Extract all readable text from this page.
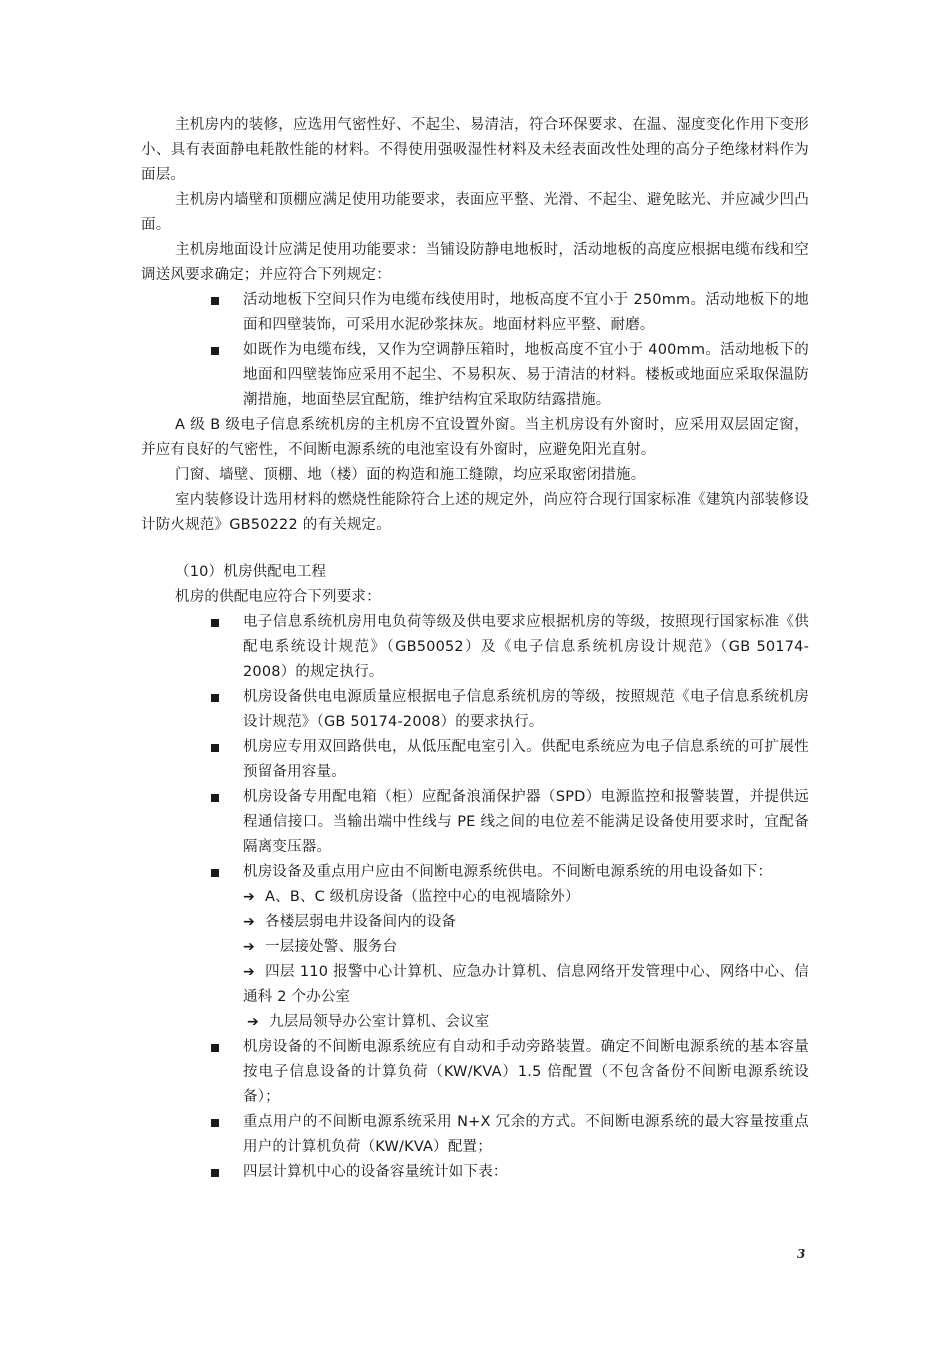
主机房内的装修，应选用气密性好、不起尘、易清洁，符合环保要求、在温、湿度变化作用下变形小、具有表面静电耗散性能的材料。不得使用强吸湿性材料及未经表面改性处理的高分子绝缘材料作为面层。

主机房内墙壁和顶棚应满足使用功能要求，表面应平整、光滑、不起尘、避免眩光、并应减少凹凸面。

主机房地面设计应满足使用功能要求：当铺设防静电地板时，活动地板的高度应根据电缆布线和空调送风要求确定；并应符合下列规定：

活动地板下空间只作为电缆布线使用时，地板高度不宜小于 250mm。活动地板下的地面和四壁装饰，可采用水泥砂浆抹灰。地面材料应平整、耐磨。
如既作为电缆布线，又作为空调静压箱时，地板高度不宜小于 400mm。活动地板下的地面和四壁装饰应采用不起尘、不易积灰、易于清洁的材料。楼板或地面应采取保温防潮措施，地面垫层宜配筋，维护结构宜采取防结露措施。

A 级 B 级电子信息系统机房的主机房不宜设置外窗。当主机房设有外窗时，应采用双层固定窗，并应有良好的气密性，不间断电源系统的电池室设有外窗时，应避免阳光直射。

门窗、墙壁、顶棚、地（楼）面的构造和施工缝隙，均应采取密闭措施。

室内装修设计选用材料的燃烧性能除符合上述的规定外，尚应符合现行国家标准《建筑内部装修设计防火规范》GB50222 的有关规定。

（10）机房供配电工程

机房的供配电应符合下列要求：

电子信息系统机房用电负荷等级及供电要求应根据机房的等级，按照现行国家标准《供配电系统设计规范》（GB50052）及《电子信息系统机房设计规范》（GB 50174-2008）的规定执行。
机房设备供电电源质量应根据电子信息系统机房的等级，按照规范《电子信息系统机房设计规范》（GB 50174-2008）的要求执行。
机房应专用双回路供电，从低压配电室引入。供配电系统应为电子信息系统的可扩展性预留备用容量。
机房设备专用配电箱（柜）应配备浪涌保护器（SPD）电源监控和报警装置，并提供远程通信接口。当输出端中性线与 PE 线之间的电位差不能满足设备使用要求时，宜配备隔离变压器。
机房设备及重点用户应由不间断电源系统供电。不间断电源系统的用电设备如下：
➔ A、B、C 级机房设备（监控中心的电视墙除外）
➔ 各楼层弱电井设备间内的设备
➔ 一层接处警、服务台
➔ 四层 110 报警中心计算机、应急办计算机、信息网络开发管理中心、网络中心、信通科 2 个办公室
➔ 九层局领导办公室计算机、会议室
机房设备的不间断电源系统应有自动和手动旁路装置。确定不间断电源系统的基本容量按电子信息设备的计算负荷（KW/KVA）1.5 倍配置（不包含备份不间断电源系统设备）；
重点用户的不间断电源系统采用 N+X 冗余的方式。不间断电源系统的最大容量按重点用户的计算机负荷（KW/KVA）配置；
四层计算机中心的设备容量统计如下表：
3
